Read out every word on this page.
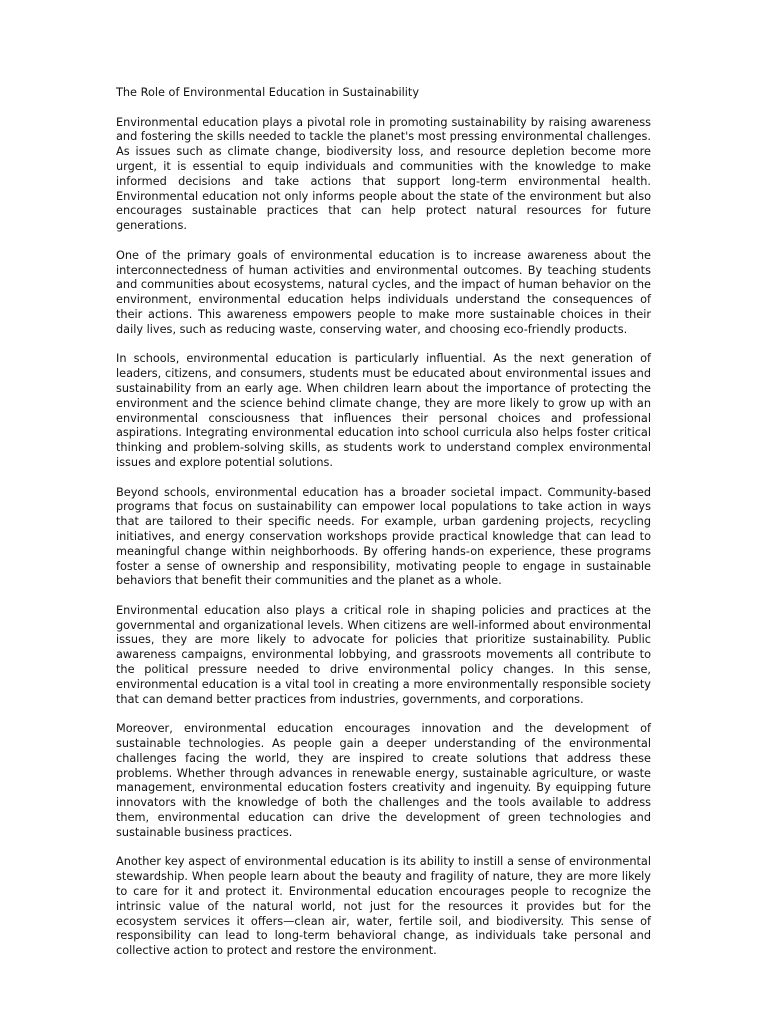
The Role of Environmental Education in Sustainability

Environmental education plays a pivotal role in promoting sustainability by raising awareness and fostering the skills needed to tackle the planet's most pressing environmental challenges. As issues such as climate change, biodiversity loss, and resource depletion become more urgent, it is essential to equip individuals and communities with the knowledge to make informed decisions and take actions that support long-term environmental health. Environmental education not only informs people about the state of the environment but also encourages sustainable practices that can help protect natural resources for future generations.

One of the primary goals of environmental education is to increase awareness about the interconnectedness of human activities and environmental outcomes. By teaching students and communities about ecosystems, natural cycles, and the impact of human behavior on the environment, environmental education helps individuals understand the consequences of their actions. This awareness empowers people to make more sustainable choices in their daily lives, such as reducing waste, conserving water, and choosing eco-friendly products.

In schools, environmental education is particularly influential. As the next generation of leaders, citizens, and consumers, students must be educated about environmental issues and sustainability from an early age. When children learn about the importance of protecting the environment and the science behind climate change, they are more likely to grow up with an environmental consciousness that influences their personal choices and professional aspirations. Integrating environmental education into school curricula also helps foster critical thinking and problem-solving skills, as students work to understand complex environmental issues and explore potential solutions.

Beyond schools, environmental education has a broader societal impact. Community-based programs that focus on sustainability can empower local populations to take action in ways that are tailored to their specific needs. For example, urban gardening projects, recycling initiatives, and energy conservation workshops provide practical knowledge that can lead to meaningful change within neighborhoods. By offering hands-on experience, these programs foster a sense of ownership and responsibility, motivating people to engage in sustainable behaviors that benefit their communities and the planet as a whole.

Environmental education also plays a critical role in shaping policies and practices at the governmental and organizational levels. When citizens are well-informed about environmental issues, they are more likely to advocate for policies that prioritize sustainability. Public awareness campaigns, environmental lobbying, and grassroots movements all contribute to the political pressure needed to drive environmental policy changes. In this sense, environmental education is a vital tool in creating a more environmentally responsible society that can demand better practices from industries, governments, and corporations.

Moreover, environmental education encourages innovation and the development of sustainable technologies. As people gain a deeper understanding of the environmental challenges facing the world, they are inspired to create solutions that address these problems. Whether through advances in renewable energy, sustainable agriculture, or waste management, environmental education fosters creativity and ingenuity. By equipping future innovators with the knowledge of both the challenges and the tools available to address them, environmental education can drive the development of green technologies and sustainable business practices.

Another key aspect of environmental education is its ability to instill a sense of environmental stewardship. When people learn about the beauty and fragility of nature, they are more likely to care for it and protect it. Environmental education encourages people to recognize the intrinsic value of the natural world, not just for the resources it provides but for the ecosystem services it offers—clean air, water, fertile soil, and biodiversity. This sense of responsibility can lead to long-term behavioral change, as individuals take personal and collective action to protect and restore the environment.
